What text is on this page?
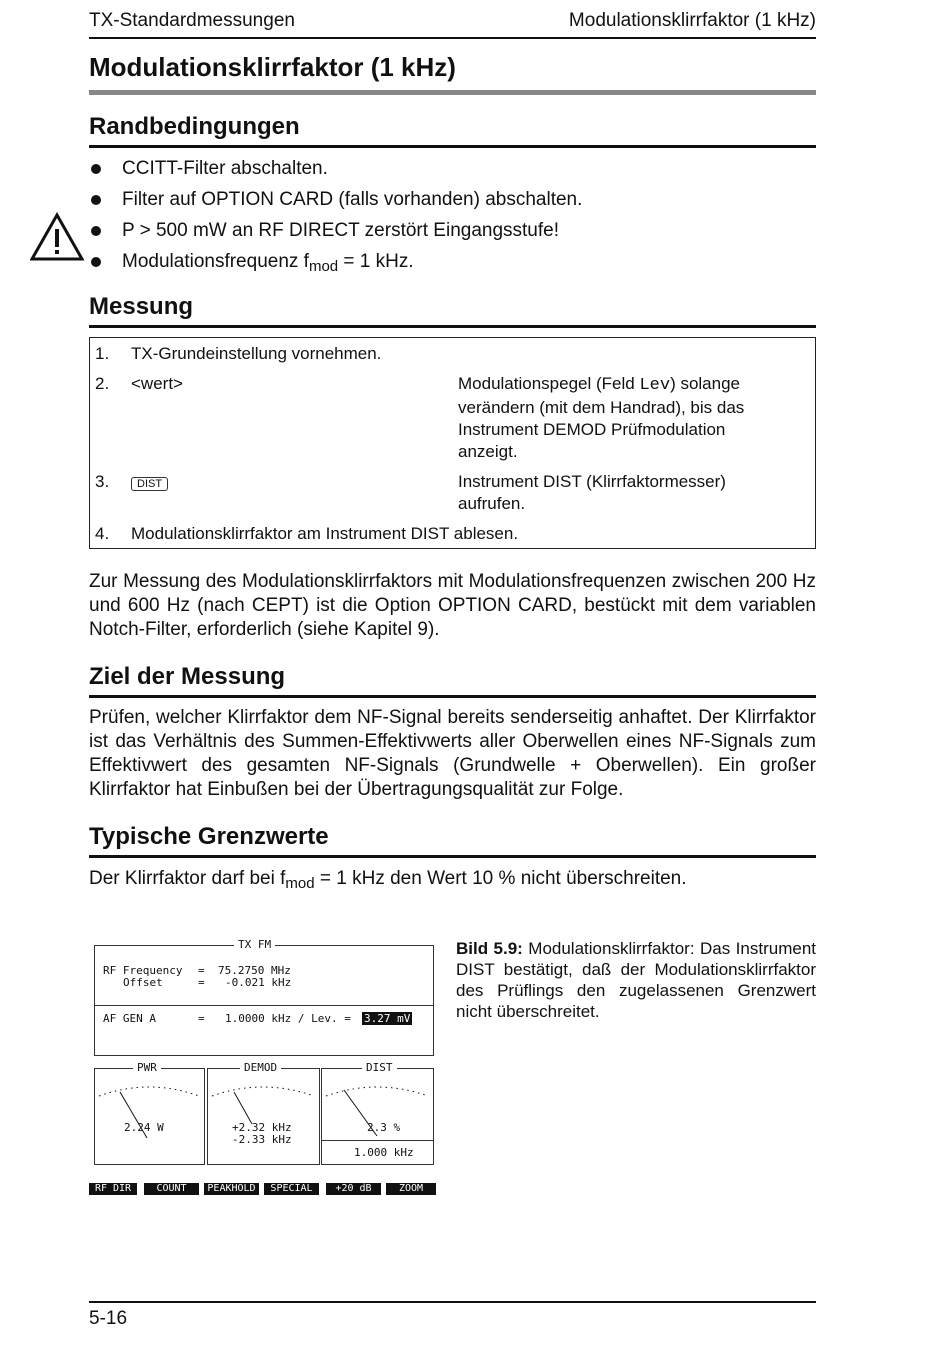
TX-Standardmessungen	Modulationsklirrfaktor (1 kHz)
Modulationsklirrfaktor (1 kHz)
Randbedingungen
CCITT-Filter abschalten.
Filter auf OPTION CARD (falls vorhanden) abschalten.
P > 500 mW an RF DIRECT zerstört Eingangsstufe!
Modulationsfrequenz $f_{mod} = 1$ kHz.
Messung
1.	TX-Grundeinstellung vornehmen.	
2.	<wert>	Modulationspegel (Feld Lev) solange verändern (mit dem Handrad), bis das Instrument DEMOD Prüfmodulation anzeigt.
3.	DIST	Instrument DIST (Klirrfaktormesser) aufrufen.
4.	Modulationsklirrfaktor am Instrument DIST ablesen.	

Zur Messung des Modulationsklirrfaktors mit Modulationsfrequenzen zwischen 200 Hz und 600 Hz (nach CEPT) ist die Option OPTION CARD, bestückt mit dem variablen Notch-Filter, erforderlich (siehe Kapitel 9).

Ziel der Messung

Prüfen, welcher Klirrfaktor dem NF-Signal bereits senderseitig anhaftet. Der Klirrfaktor ist das Verhältnis des Summen-Effektivwerts aller Oberwellen eines NF-Signals zum Effektivwert des gesamten NF-Signals (Grundwelle + Oberwellen). Ein großer Klirrfaktor hat Einbußen bei der Übertragungsqualität zur Folge.

Typische Grenzwerte

Der Klirrfaktor darf bei $f_{mod} = 1$ kHz den Wert 10 % nicht überschreiten.

TX FM
RF Frequency = 75.2750 MHz
Offset	= -0.021 kHz
AF GEN A	= 1.0000 kHz / Lev. = 3.27 mV
PWR
2.24 W
DEMOD
+2.32 kHz
-2.33 kHz
DIST
2.3 %
1.000 kHz
RF DIR	COUNT	PEAKHOLD	SPECIAL	+20 dB	ZOOM

Bild 5.9: Modulationsklirrfaktor: Das Instrument DIST bestätigt, daß der Modulationsklirrfaktor des Prüflings den zugelassenen Grenzwert nicht überschreitet.

5-16
